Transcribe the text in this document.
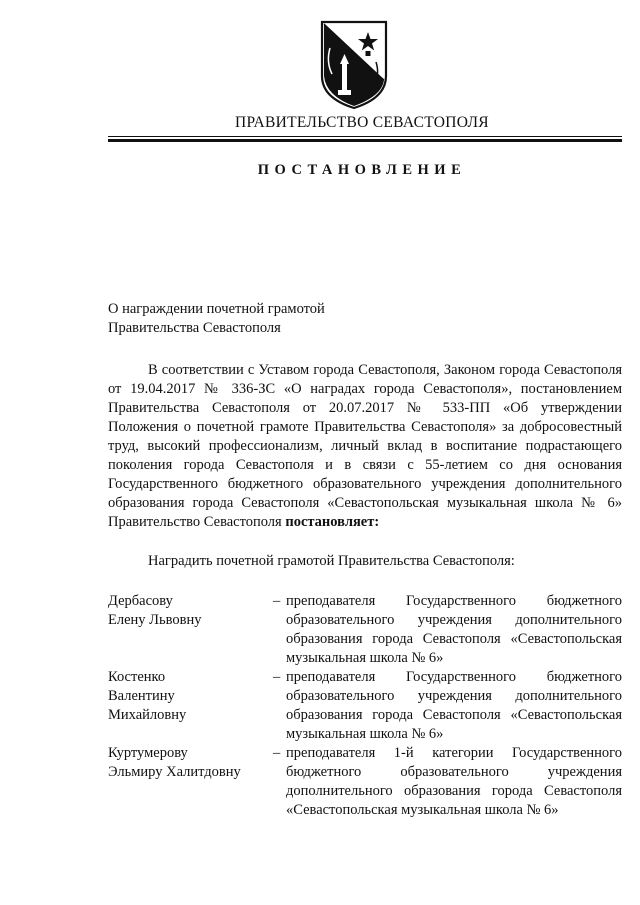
ПРАВИТЕЛЬСТВО СЕВАСТОПОЛЯ
ПОСТАНОВЛЕНИЕ
О награждении почетной грамотой
Правительства Севастополя
В соответствии с Уставом города Севастополя, Законом города Севастополя от 19.04.2017 № 336-ЗС «О наградах города Севастополя», постановлением Правительства Севастополя от 20.07.2017 № 533-ПП «Об утверждении Положения о почетной грамоте Правительства Севастополя» за добросовестный труд, высокий профессионализм, личный вклад в воспитание подрастающего поколения города Севастополя и в связи с 55-летием со дня основания Государственного бюджетного образовательного учреждения дополнительного образования города Севастополя «Севастопольская музыкальная школа № 6» Правительство Севастополя постановляет:
Наградить почетной грамотой Правительства Севастополя:
Дербасову
Елену Львовну
– преподавателя Государственного бюджетного образовательного учреждения дополнительного образования города Севастополя «Севастопольская музыкальная школа № 6»
Костенко
Валентину
Михайловну
– преподавателя Государственного бюджетного образовательного учреждения дополнительного образования города Севастополя «Севастопольская музыкальная школа № 6»
Куртумерову
Эльмиру Халитдовну
– преподавателя 1-й категории Государственного бюджетного образовательного учреждения дополнительного образования города Севастополя «Севастопольская музыкальная школа № 6»
